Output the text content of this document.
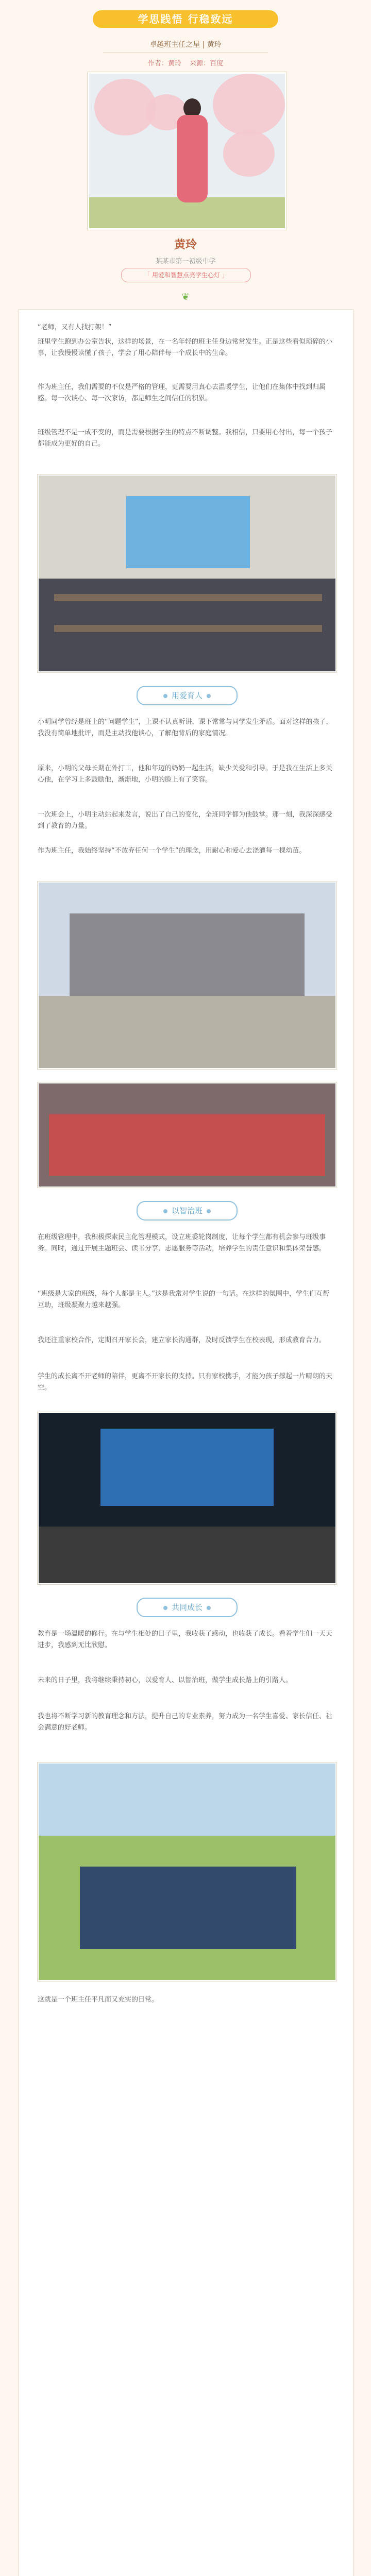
学思践悟 行稳致远
卓越班主任之星 | 黄玲
作者：黄玲 来源：百度
黄玲
某某市第一初级中学
「 用爱和智慧点亮学生心灯 」
❦
“老师，又有人找打架！”
班里学生跑到办公室告状，这样的场景，在一名年轻的班主任身边常常发生。正是这些看似琐碎的小事，让我慢慢读懂了孩子，学会了用心陪伴每一个成长中的生命。
作为班主任，我们需要的不仅是严格的管理，更需要用真心去温暖学生，让他们在集体中找到归属感。每一次谈心、每一次家访，都是师生之间信任的积累。
班级管理不是一成不变的，而是需要根据学生的特点不断调整。我相信，只要用心付出，每一个孩子都能成为更好的自己。
用爱育人
小明同学曾经是班上的“问题学生”，上课不认真听讲，课下常常与同学发生矛盾。面对这样的孩子，我没有简单地批评，而是主动找他谈心，了解他背后的家庭情况。
原来，小明的父母长期在外打工，他和年迈的奶奶一起生活，缺少关爱和引导。于是我在生活上多关心他，在学习上多鼓励他，渐渐地，小明的脸上有了笑容。
一次班会上，小明主动站起来发言，说出了自己的变化，全班同学都为他鼓掌。那一刻，我深深感受到了教育的力量。
作为班主任，我始终坚持“不放弃任何一个学生”的理念，用耐心和爱心去浇灌每一棵幼苗。
以智治班
在班级管理中，我积极探索民主化管理模式，设立班委轮岗制度，让每个学生都有机会参与班级事务。同时，通过开展主题班会、读书分享、志愿服务等活动，培养学生的责任意识和集体荣誉感。
“班级是大家的班级，每个人都是主人。”这是我常对学生说的一句话。在这样的氛围中，学生们互帮互助，班级凝聚力越来越强。
我还注重家校合作，定期召开家长会，建立家长沟通群，及时反馈学生在校表现，形成教育合力。
学生的成长离不开老师的陪伴，更离不开家长的支持。只有家校携手，才能为孩子撑起一片晴朗的天空。
共同成长
教育是一场温暖的修行。在与学生相处的日子里，我收获了感动，也收获了成长。看着学生们一天天进步，我感到无比欣慰。
未来的日子里，我将继续秉持初心，以爱育人、以智治班，做学生成长路上的引路人。
我也将不断学习新的教育理念和方法，提升自己的专业素养，努力成为一名学生喜爱、家长信任、社会满意的好老师。
这就是一个班主任平凡而又充实的日常。
